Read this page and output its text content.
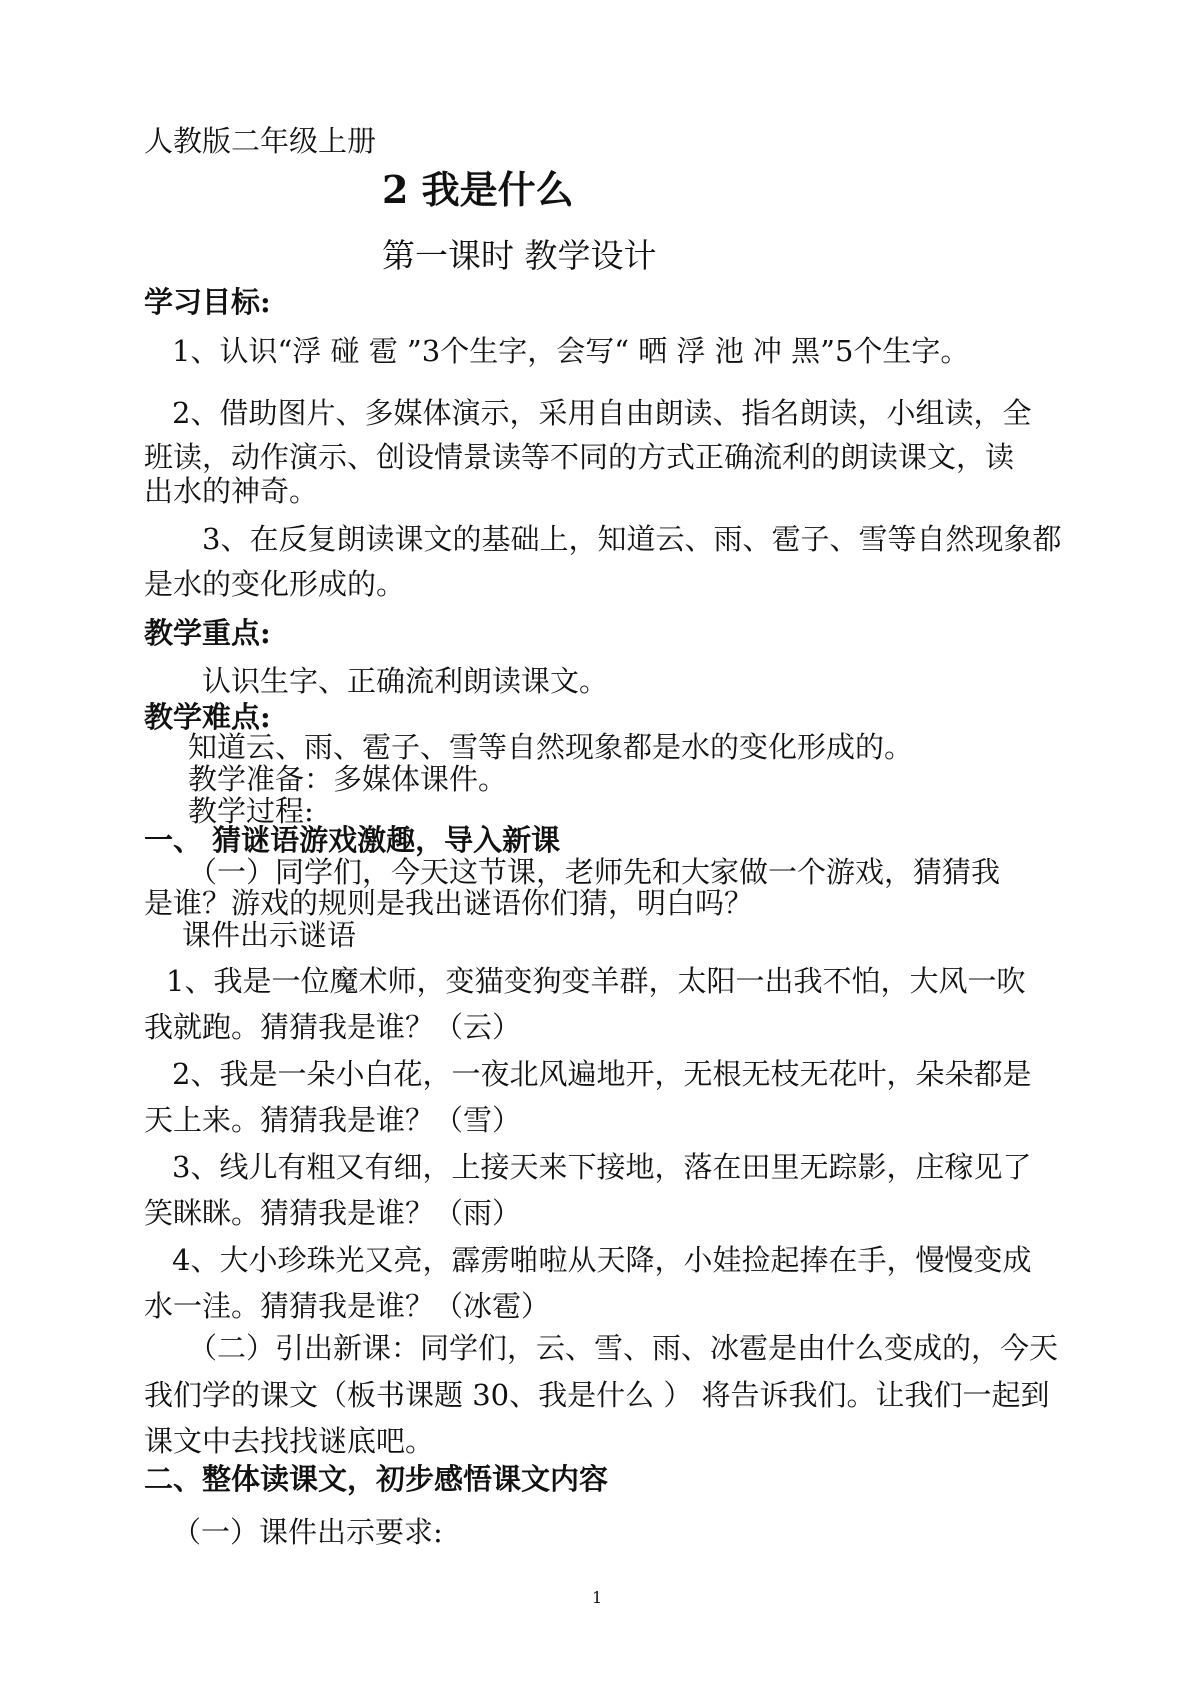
人教版二年级上册
2 我是什么
第一课时 教学设计
学习目标:
1、认识“浮 碰 雹 ”3个生字，会写“ 晒 浮 池 冲 黑”5个生字。
2、借助图片、多媒体演示，采用自由朗读、指名朗读，小组读，全
班读，动作演示、创设情景读等不同的方式正确流利的朗读课文，读
出水的神奇。
3、在反复朗读课文的基础上，知道云、雨、雹子、雪等自然现象都
是水的变化形成的。
教学重点:
认识生字、正确流利朗读课文。
教学难点:
知道云、雨、雹子、雪等自然现象都是水的变化形成的。
教学准备：多媒体课件。
教学过程:
一、 猜谜语游戏激趣，导入新课
（一）同学们，今天这节课，老师先和大家做一个游戏，猜猜我
是谁？游戏的规则是我出谜语你们猜，明白吗？
课件出示谜语
1、我是一位魔术师，变猫变狗变羊群，太阳一出我不怕，大风一吹
我就跑。猜猜我是谁？（云）
2、我是一朵小白花，一夜北风遍地开，无根无枝无花叶，朵朵都是
天上来。猜猜我是谁？（雪）
3、线儿有粗又有细，上接天来下接地，落在田里无踪影，庄稼见了
笑眯眯。猜猜我是谁？（雨）
4、大小珍珠光又亮，霹雳啪啦从天降，小娃捡起捧在手，慢慢变成
水一洼。猜猜我是谁？（冰雹）
（二）引出新课：同学们，云、雪、雨、冰雹是由什么变成的，今天
我们学的课文（板书课题 30、我是什么 ） 将告诉我们。让我们一起到
课文中去找找谜底吧。
二、整体读课文，初步感悟课文内容
（一）课件出示要求:
1
